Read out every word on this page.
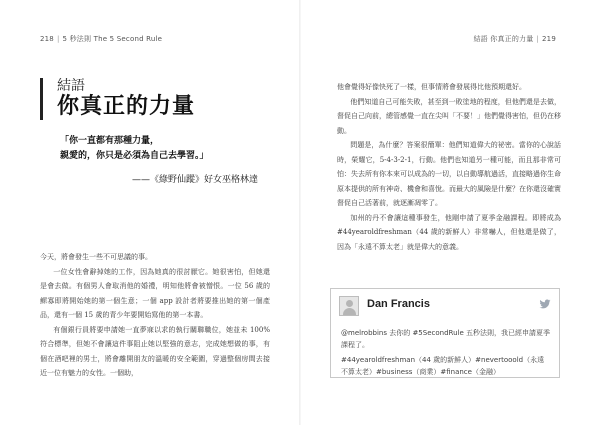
218 | 5 秒法則 The 5 Second Rule	結語 你真正的力量 | 219
結語
你真正的力量
「你一直都有那種力量，
親愛的，你只是必須為自己去學習。」
——《綠野仙蹤》好女巫格林達

今天，將會發生一些不可思議的事。

一位女性會辭掉她的工作，因為她真的很討厭它。她很害怕，但她還是會去做。有個男人會取消他的婚禮，明知他將會被憎恨。一位 56 歲的鰥寡即將開始她的第一個生意；一個 app 設計者將要推出她的第一個產品，還有一個 15 歲的青少年要開始寫他的第一本書。

有個銀行員將要申請她一直夢寐以求的執行關聯職位，她並未 100% 符合標準，但她不會讓這件事阻止她以堅強的意志，完成她想做的事，有個在酒吧裡的男士，將會離開朋友的溫暖的安全範圍，穿過整個房間去接近一位有魅力的女性。一個助，

他會覺得好像快死了一樣，但事情將會發展得比他預期還好。

他們知道自己可能失敗，甚至到一敗塗地的程度，但他們還是去做，督促自己向前，總管感覺一直在尖叫「不要！」他們覺得害怕，但仍在移動。

問題是，為什麼？答案很簡單：他們知道偉大的祕密。當你的心說話時，榮耀它，5-4-3-2-1，行動。他們也知道另一種可能，而且那非常可怕：失去所有你本來可以成為的一切，以自動導航過活，直接略過你生命原本提供的所有神奇、機會和喜悅。而最大的風險是什麼？在你還沒確實督促自己活著前，就逐漸凋零了。

加州的丹不會讓這種事發生，他剛申請了夏季金融課程。即將成為 #44yearoldfreshman（44 歲的新鮮人）非常嚇人，但他還是做了，因為「永遠不算太老」就是偉大的意義。

Dan Francis

@melrobbins 去你的 #5SecondRule 五秒法則，我已經申請夏季課程了。

#44yearoldfreshman（44 歲的新鮮人）#nevertooold（永遠不算太老）#business（商業）#finance（金融）
